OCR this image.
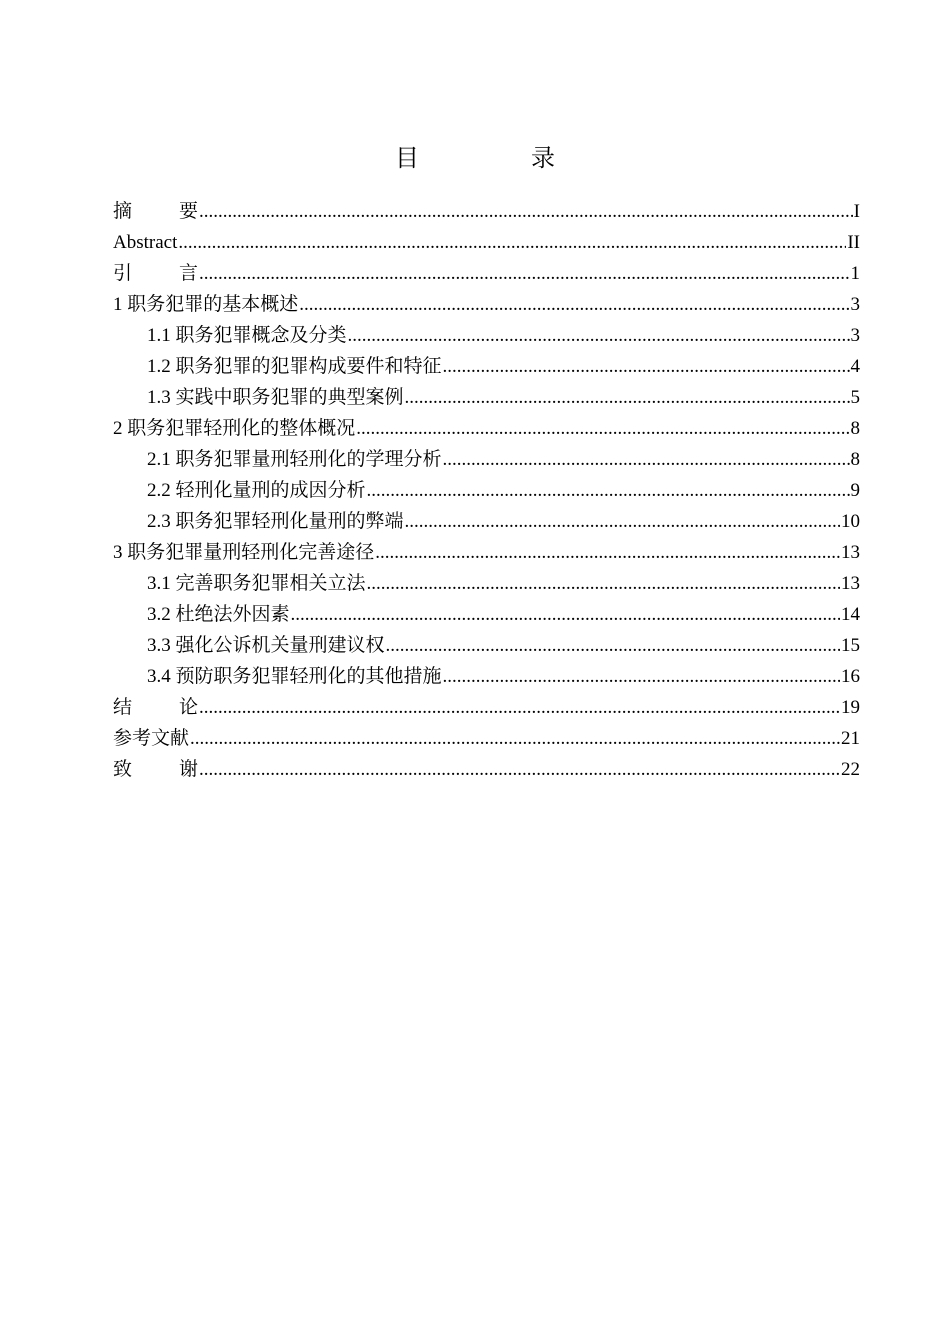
目　录
摘要 .....	I
Abstract .....	II
引言 .....	1
1 职务犯罪的基本概述 .....	3
1.1 职务犯罪概念及分类 .....	3
1.2 职务犯罪的犯罪构成要件和特征 .....	4
1.3 实践中职务犯罪的典型案例 .....	5
2 职务犯罪轻刑化的整体概况 .....	8
2.1 职务犯罪量刑轻刑化的学理分析 .....	8
2.2 轻刑化量刑的成因分析 .....	9
2.3 职务犯罪轻刑化量刑的弊端 .....	10
3 职务犯罪量刑轻刑化完善途径 .....	13
3.1 完善职务犯罪相关立法 .....	13
3.2 杜绝法外因素 .....	14
3.3 强化公诉机关量刑建议权 .....	15
3.4 预防职务犯罪轻刑化的其他措施 .....	16
结论 .....	19
参考文献 .....	21
致谢 .....	22
